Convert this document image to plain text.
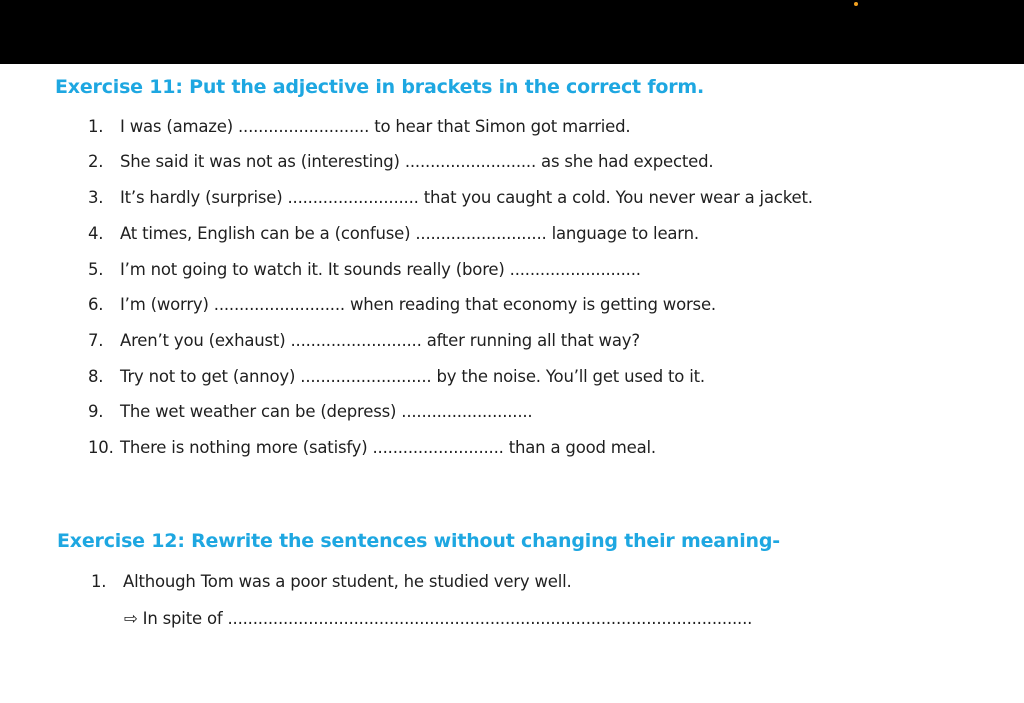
Exercise 11: Put the adjective in brackets in the correct form.
1. I was (amaze) .......................... to hear that Simon got married.
2. She said it was not as (interesting) .......................... as she had expected.
3. It’s hardly (surprise) .......................... that you caught a cold. You never wear a jacket.
4. At times, English can be a (confuse) .......................... language to learn.
5. I’m not going to watch it. It sounds really (bore) ..........................
6. I’m (worry) .......................... when reading that economy is getting worse.
7. Aren’t you (exhaust) .......................... after running all that way?
8. Try not to get (annoy) .......................... by the noise. You’ll get used to it.
9. The wet weather can be (depress) ..........................
10. There is nothing more (satisfy) .......................... than a good meal.
Exercise 12: Rewrite the sentences without changing their meaning-
1. Although Tom was a poor student, he studied very well.
⇨ In spite of ........................................................................................................
